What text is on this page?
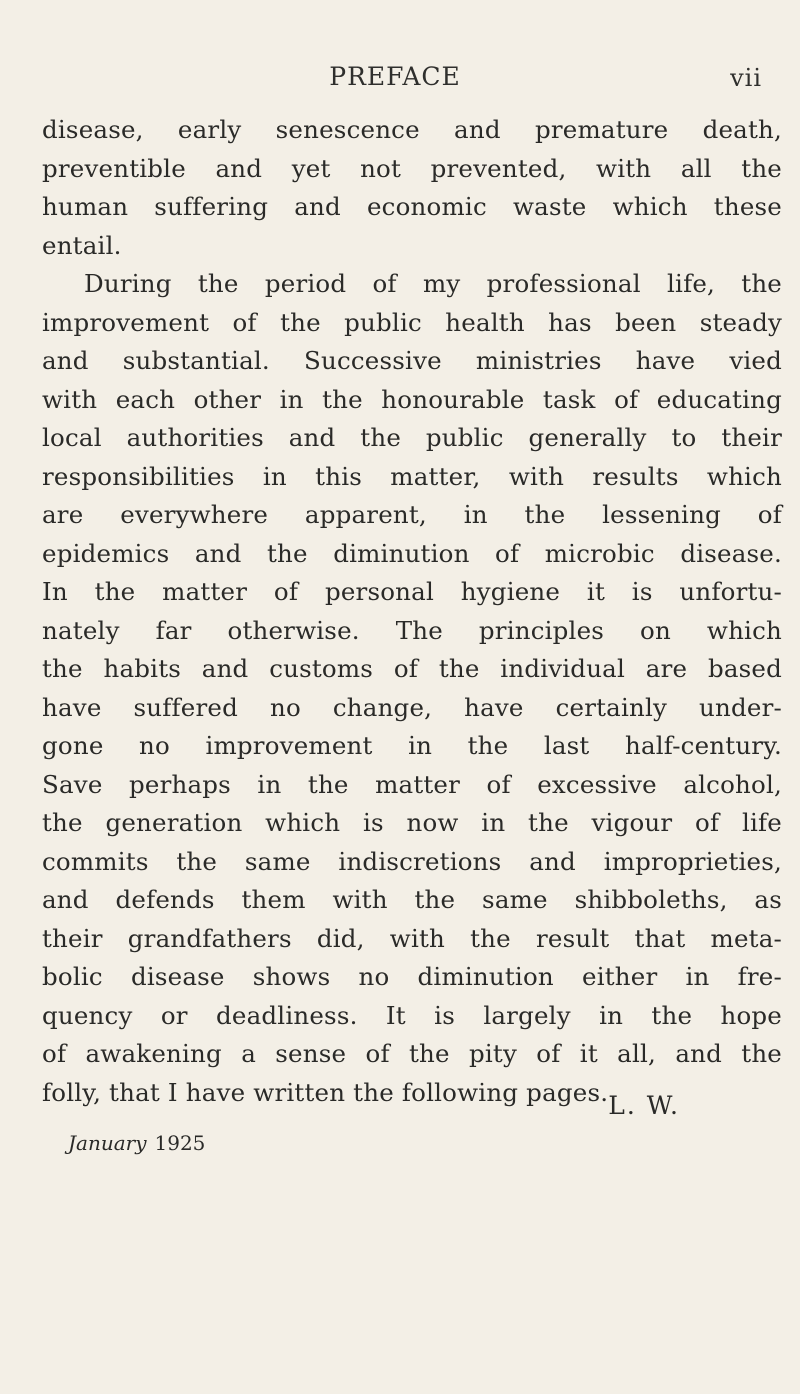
PREFACE	vii
disease, early senescence and premature death,
preventible and yet not prevented, with all the
human suffering and economic waste which these
entail.
During the period of my professional life, the
improvement of the public health has been steady
and substantial. Successive ministries have vied
with each other in the honourable task of educating
local authorities and the public generally to their
responsibilities in this matter, with results which
are everywhere apparent, in the lessening of
epidemics and the diminution of microbic disease.
In the matter of personal hygiene it is unfortu-
nately far otherwise. The principles on which
the habits and customs of the individual are based
have suffered no change, have certainly under-
gone no improvement in the last half-century.
Save perhaps in the matter of excessive alcohol,
the generation which is now in the vigour of life
commits the same indiscretions and improprieties,
and defends them with the same shibboleths, as
their grandfathers did, with the result that meta-
bolic disease shows no diminution either in fre-
quency or deadliness. It is largely in the hope
of awakening a sense of the pity of it all, and the
folly, that I have written the following pages. L. W.
January 1925
